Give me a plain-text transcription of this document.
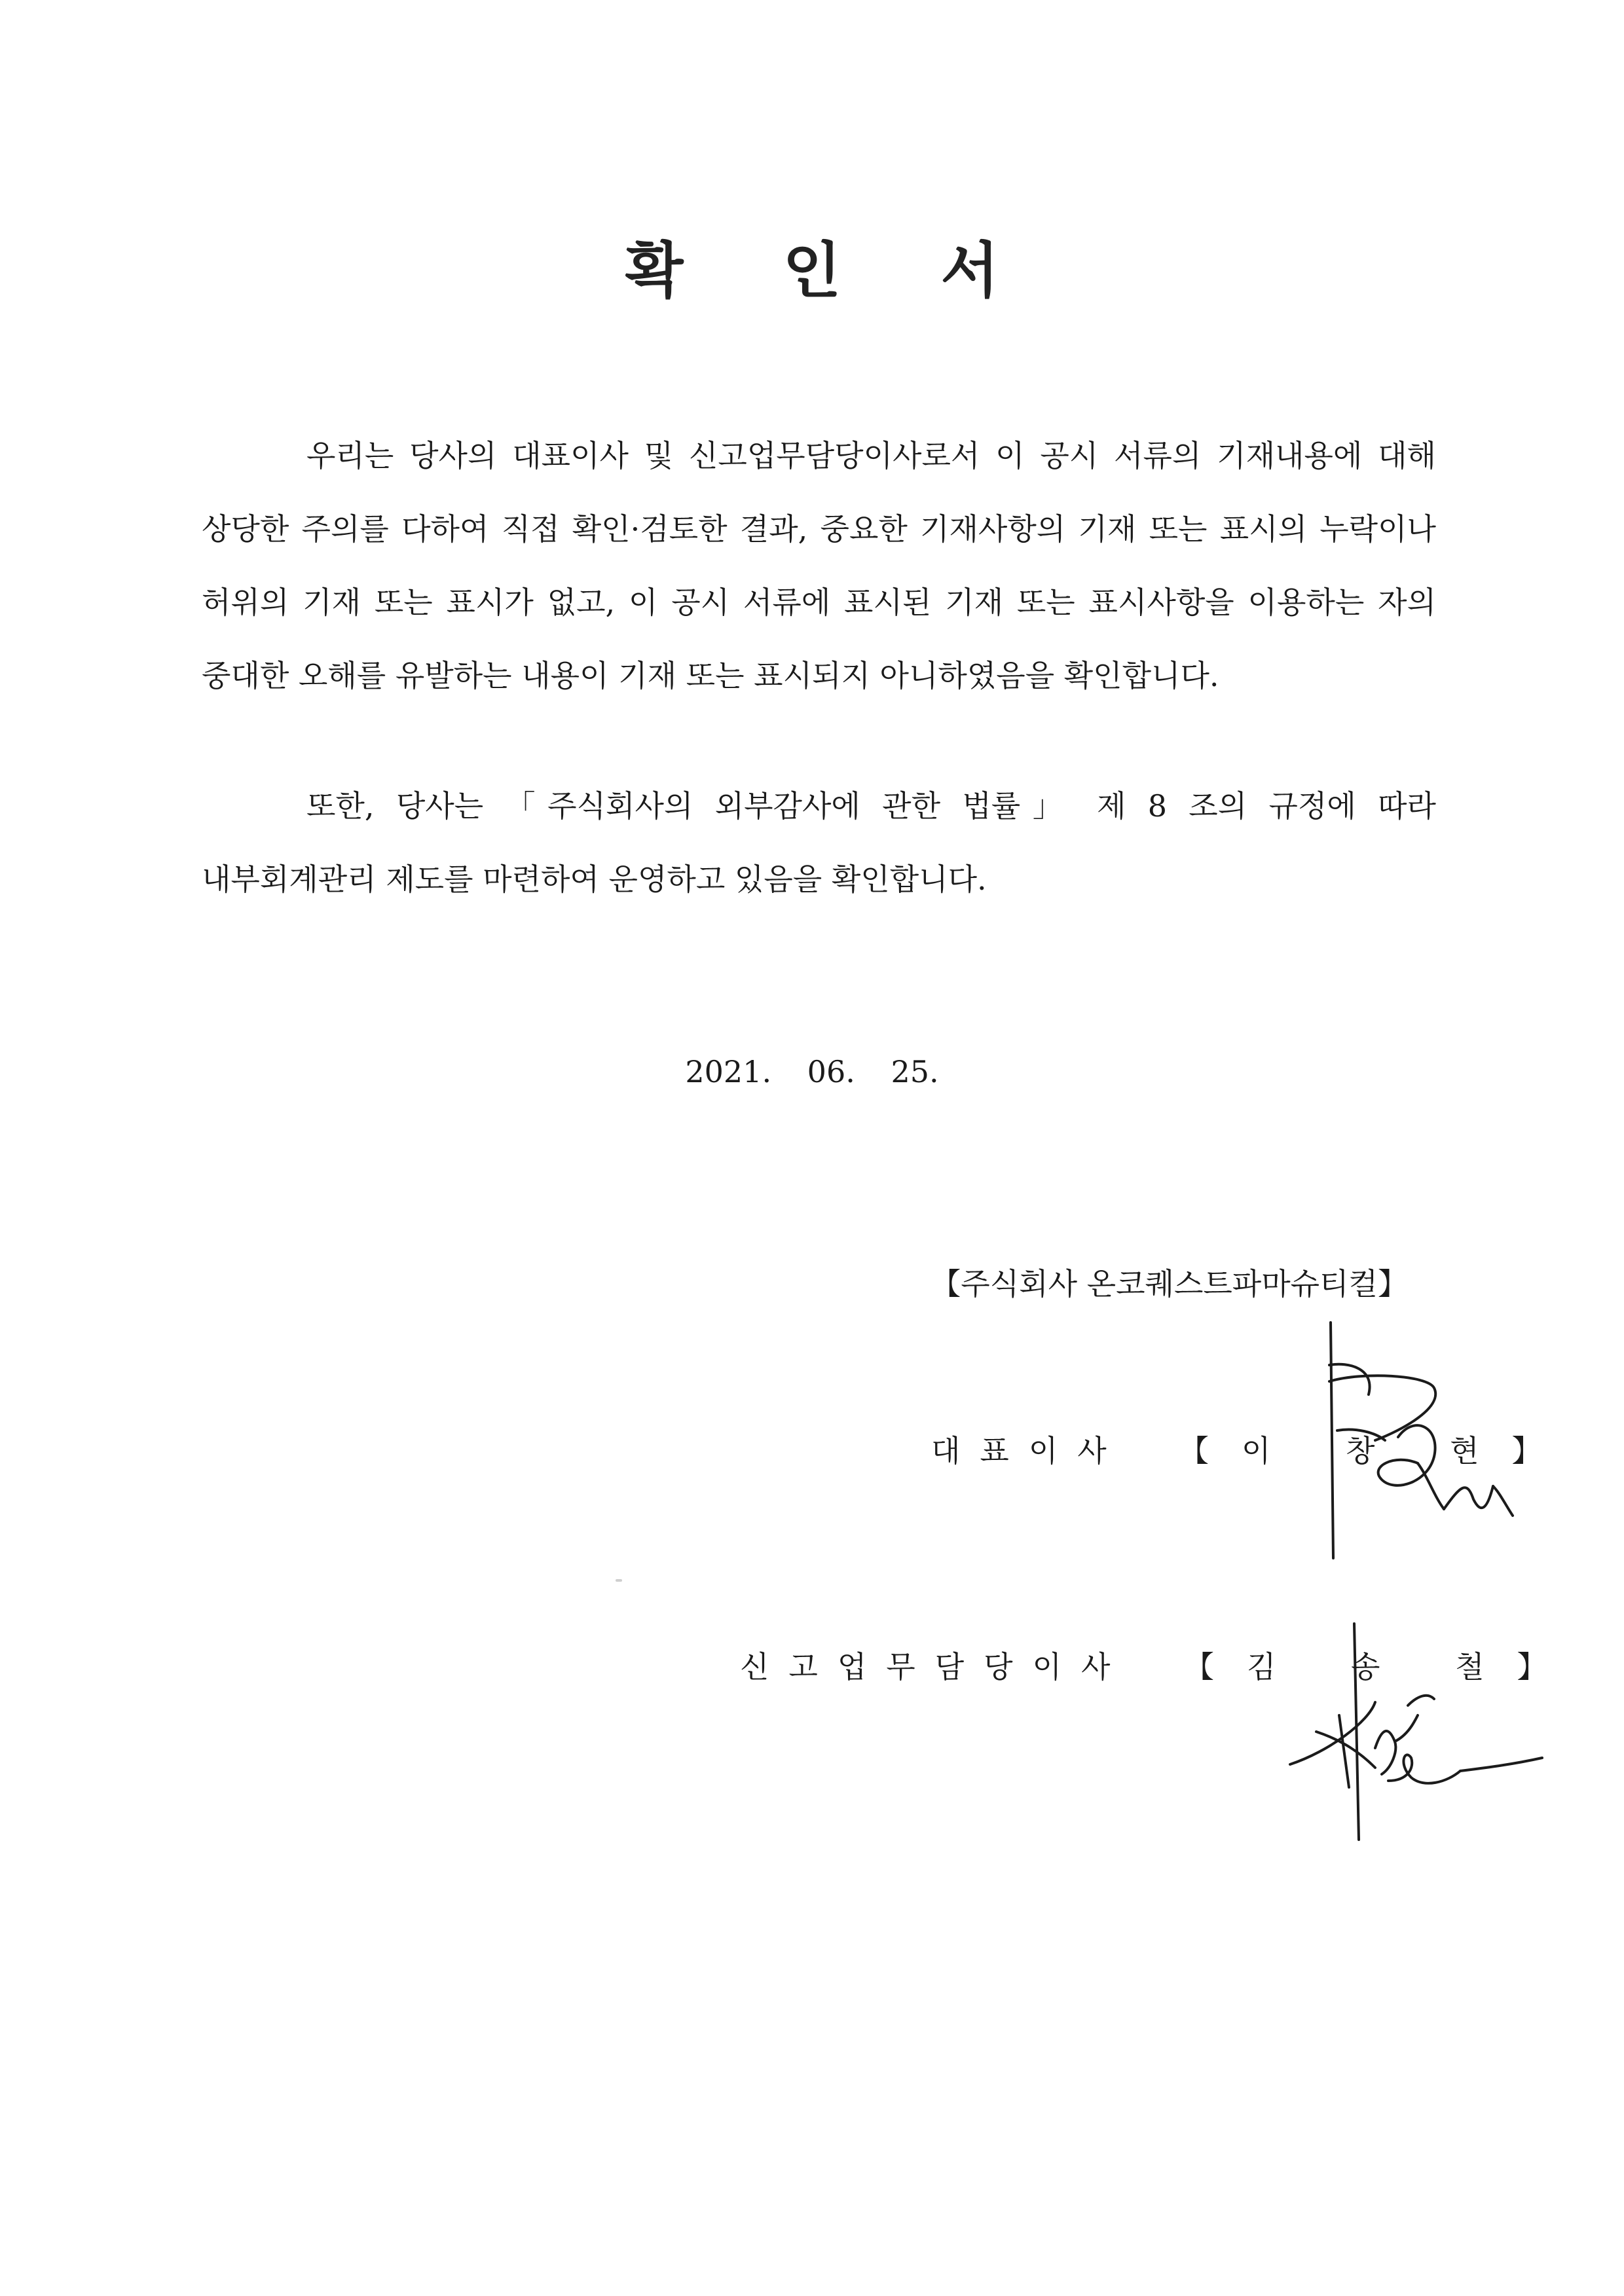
확 인 서

우리는 당사의 대표이사 및 신고업무담당이사로서 이 공시 서류의 기재내용에 대해 상당한 주의를 다하여 직접 확인·검토한 결과, 중요한 기재사항의 기재 또는 표시의 누락이나 허위의 기재 또는 표시가 없고, 이 공시 서류에 표시된 기재 또는 표시사항을 이용하는 자의 중대한 오해를 유발하는 내용이 기재 또는 표시되지 아니하였음을 확인합니다.

또한, 당사는 「주식회사의 외부감사에 관한 법률」 제 8 조의 규정에 따라 내부회계관리 제도를 마련하여 운영하고 있음을 확인합니다.

2021. 06. 25.
【주식회사 온코퀘스트파마슈티컬】
대표이사 【이 창 현】
신고업무담당이사 【김 송 철】
